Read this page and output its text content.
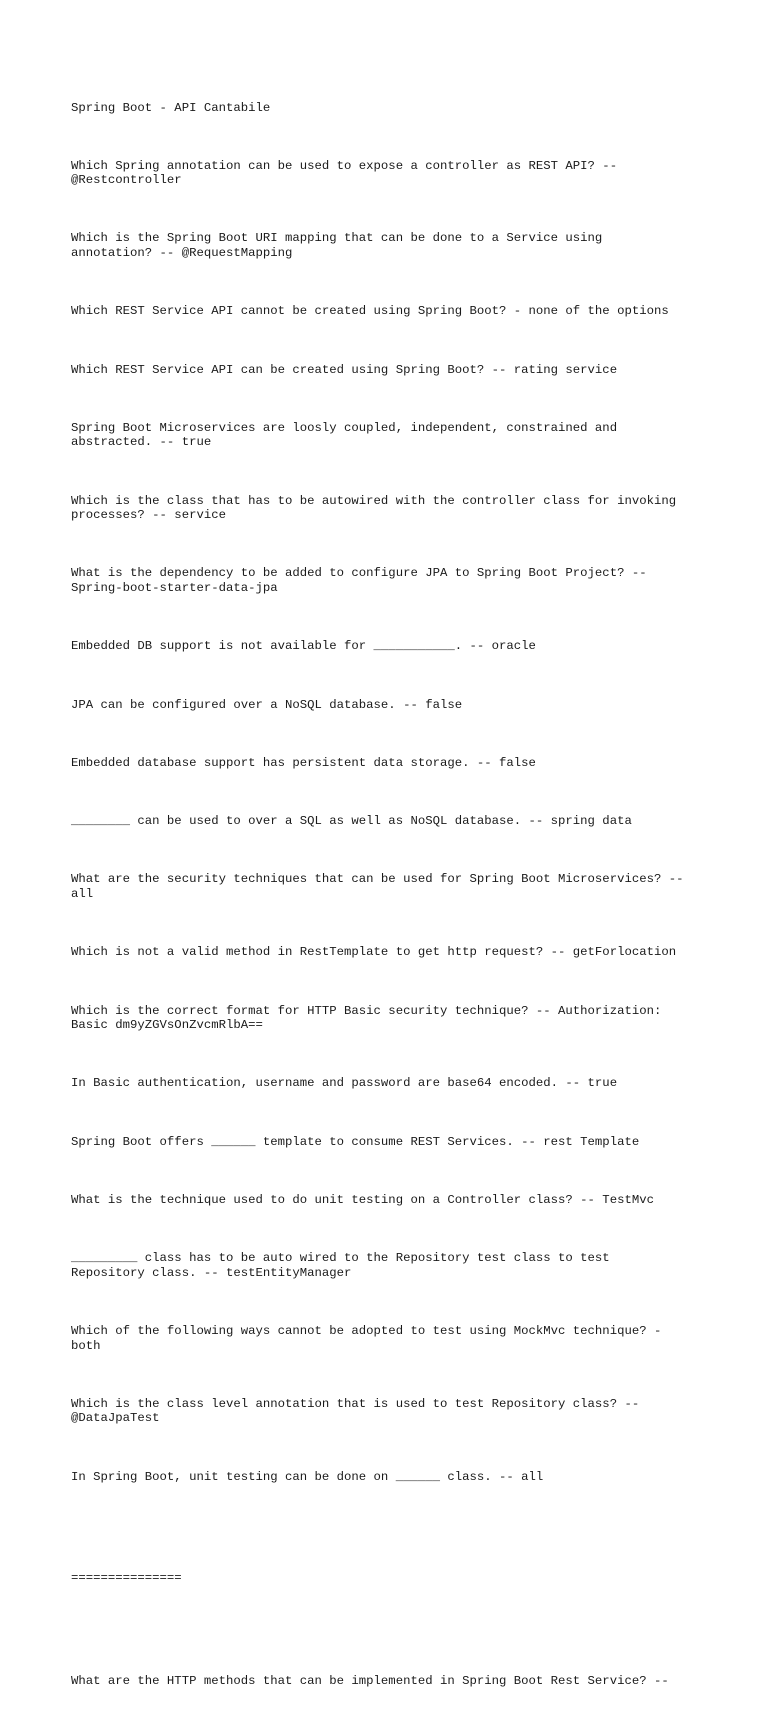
Spring Boot - API Cantabile

Which Spring annotation can be used to expose a controller as REST API? --
@Restcontroller

Which is the Spring Boot URI mapping that can be done to a Service using
annotation? -- @RequestMapping

Which REST Service API cannot be created using Spring Boot? - none of the options

Which REST Service API can be created using Spring Boot? -- rating service

Spring Boot Microservices are loosly coupled, independent, constrained and
abstracted. -- true

Which is the class that has to be autowired with the controller class for invoking
processes? -- service

What is the dependency to be added to configure JPA to Spring Boot Project? --
Spring-boot-starter-data-jpa

Embedded DB support is not available for ___________. -- oracle

JPA can be configured over a NoSQL database. -- false

Embedded database support has persistent data storage. -- false

________ can be used to over a SQL as well as NoSQL database. -- spring data

What are the security techniques that can be used for Spring Boot Microservices? --
all

Which is not a valid method in RestTemplate to get http request? -- getForlocation

Which is the correct format for HTTP Basic security technique? -- Authorization:
Basic dm9yZGVsOnZvcmRlbA==

In Basic authentication, username and password are base64 encoded. -- true

Spring Boot offers ______ template to consume REST Services. -- rest Template

What is the technique used to do unit testing on a Controller class? -- TestMvc

_________ class has to be auto wired to the Repository test class to test
Repository class. -- testEntityManager

Which of the following ways cannot be adopted to test using MockMvc technique? -
both

Which is the class level annotation that is used to test Repository class? --
@DataJpaTest

In Spring Boot, unit testing can be done on ______ class. -- all

===============

What are the HTTP methods that can be implemented in Spring Boot Rest Service? --
